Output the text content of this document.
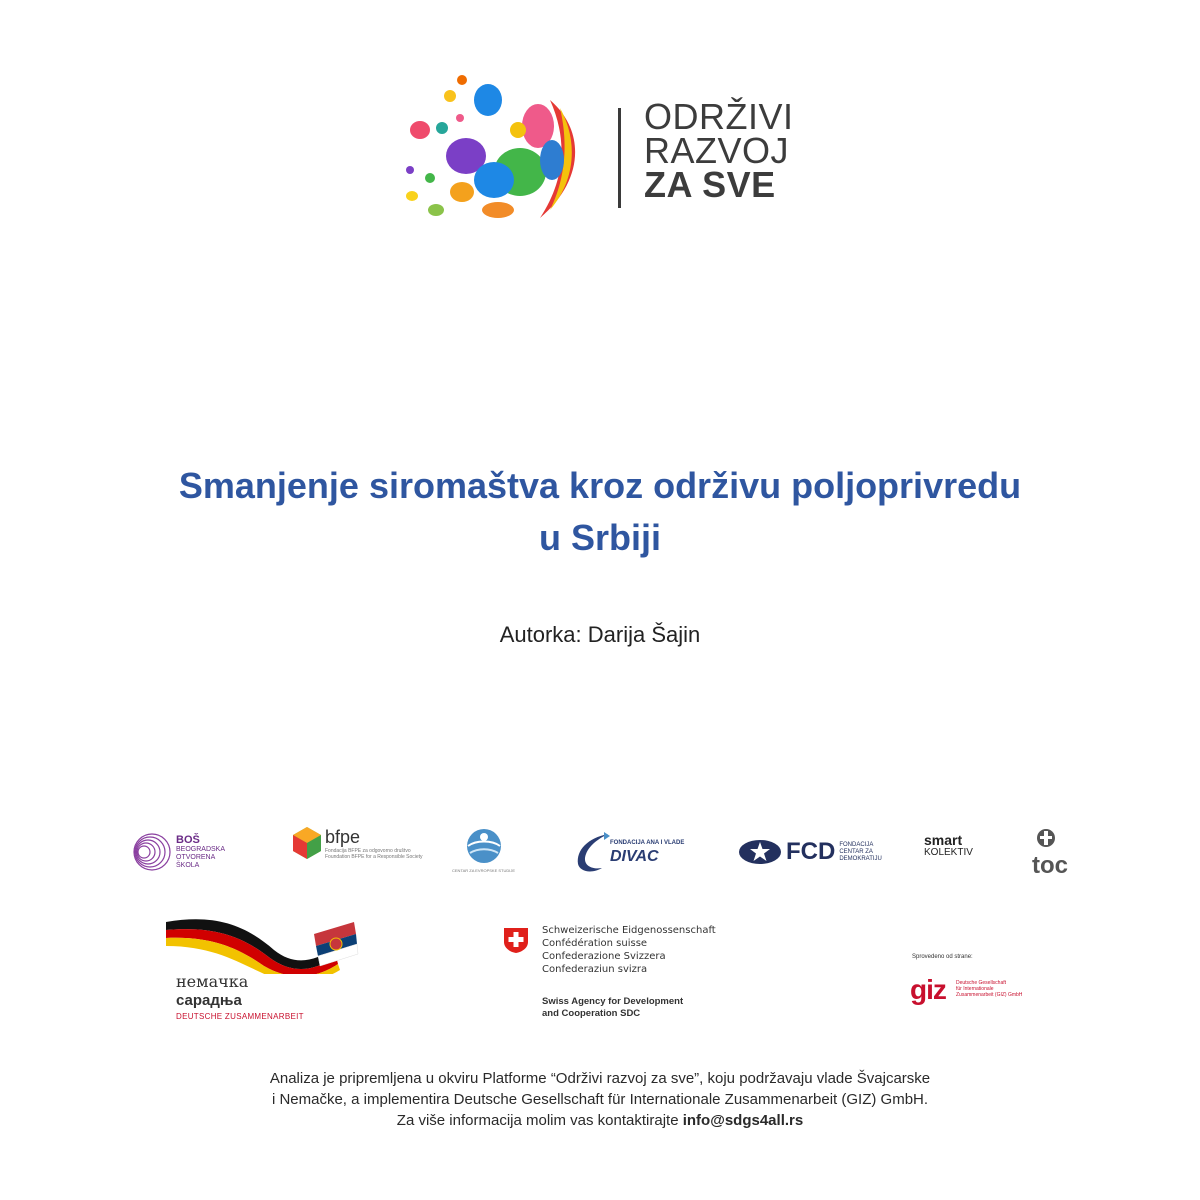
ODRŽIVI
RAZVOJ
ZA SVE
Smanjenje siromaštva kroz održivu poljoprivredu
u Srbiji
Autorka: Darija Šajin
BOŠ
BEOGRADSKA
OTVORENA
ŠKOLA
bfpe
Fondacija BFPE za odgovorno društvo
Foundation BFPE for a Responsible Society
CENTAR ZA EVROPSKE STUDIJE
FONDACIJA ANA I VLADE
DIVAC	FCD FONDACIJA
CENTAR ZA
DEMOKRATIJU
smart
KOLEKTIV toc
немачка
сарадња
DEUTSCHE ZUSAMMENARBEIT
Schweizerische Eidgenossenschaft
Confédération suisse
Confederazione Svizzera
Confederaziun svizra
Swiss Agency for Development
and Cooperation SDC
Sprovedeno od strane:
giz Deutsche Gesellschaft
für Internationale
Zusammenarbeit (GIZ) GmbH
Analiza je pripremljena u okviru Platforme “Održivi razvoj za sve”, koju podržavaju vlade Švajcarske
i Nemačke, a implementira Deutsche Gesellschaft für Internationale Zusammenarbeit (GIZ) GmbH.
Za više informacija molim vas kontaktirajte info@sdgs4all.rs
